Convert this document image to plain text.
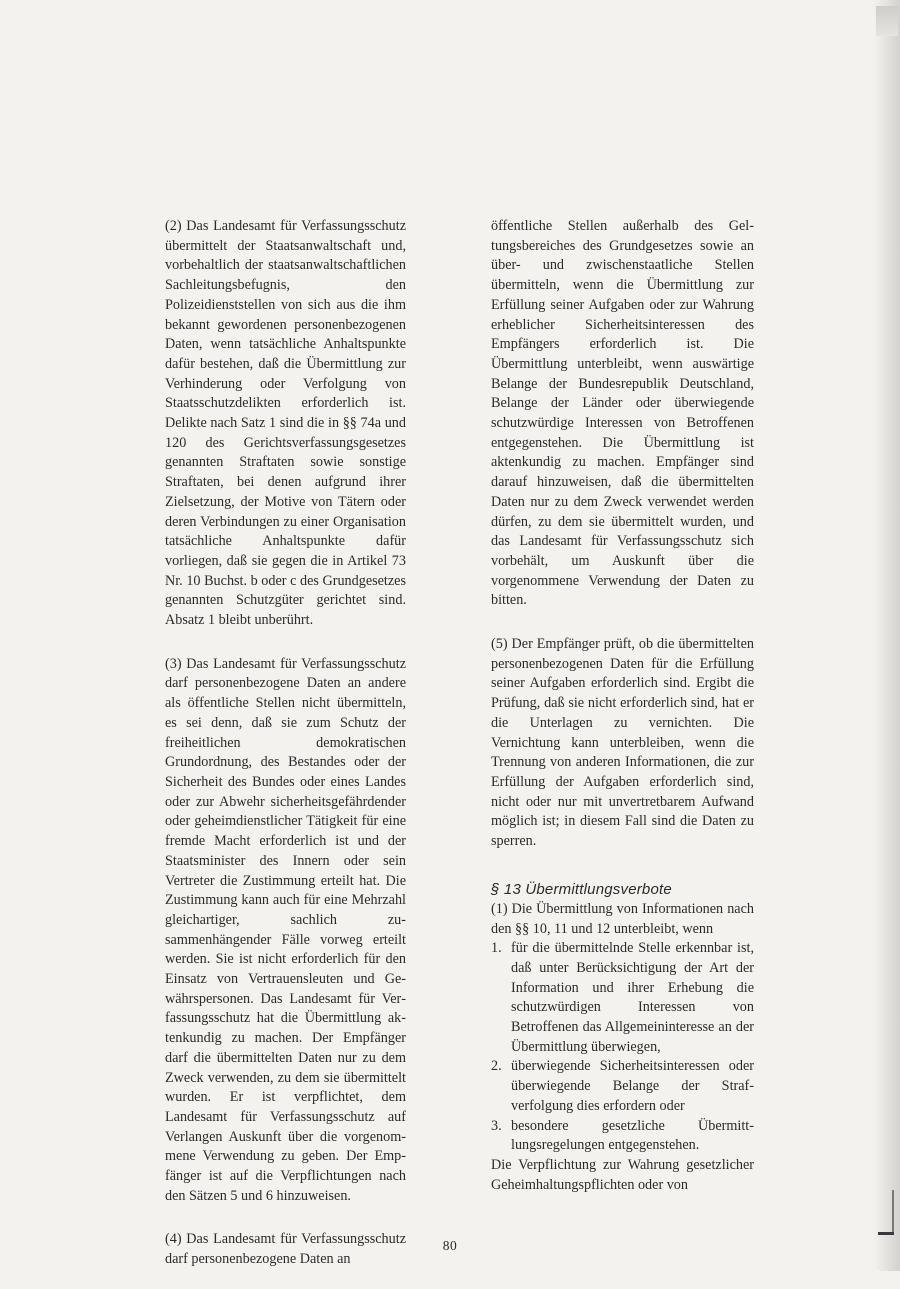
(2) Das Landesamt für Verfassungsschutz übermittelt der Staatsanwaltschaft und, vorbehaltlich der staatsanwaltschaftlichen Sachleitungsbefugnis, den Polizeidienststellen von sich aus die ihm bekannt gewordenen personenbezogenen Daten, wenn tatsächliche Anhaltspunkte dafür bestehen, daß die Übermittlung zur Verhinderung oder Verfolgung von Staatsschutzdelikten erforderlich ist. Delikte nach Satz 1 sind die in §§ 74a und 120 des Gerichtsverfassungsgesetzes genannten Straftaten sowie sonstige Straftaten, bei denen aufgrund ihrer Zielsetzung, der Motive von Tätern oder deren Verbindungen zu einer Organisation tatsächliche Anhaltspunkte dafür vorliegen, daß sie gegen die in Artikel 73 Nr. 10 Buchst. b oder c des Grundgesetzes genannten Schutzgüter gerichtet sind. Absatz 1 bleibt unberührt.

(3) Das Landesamt für Verfassungsschutz darf personenbezogene Daten an andere als öffentliche Stellen nicht übermitteln, es sei denn, daß sie zum Schutz der freiheitlichen demokratischen Grundordnung, des Bestandes oder der Sicherheit des Bundes oder eines Landes oder zur Abwehr sicherheitsgefährdender oder geheimdienstlicher Tätigkeit für eine fremde Macht erforderlich ist und der Staatsminister des Innern oder sein Vertreter die Zustimmung erteilt hat. Die Zustimmung kann auch für eine Mehrzahl gleichartiger, sachlich zusammenhängender Fälle vorweg erteilt werden. Sie ist nicht erforderlich für den Einsatz von Vertrauensleuten und Gewährspersonen. Das Landesamt für Verfassungsschutz hat die Übermittlung aktenkundig zu machen. Der Empfänger darf die übermittelten Daten nur zu dem Zweck verwenden, zu dem sie übermittelt wurden. Er ist verpflichtet, dem Landesamt für Verfassungsschutz auf Verlangen Auskunft über die vorgenommene Verwendung zu geben. Der Empfänger ist auf die Verpflichtungen nach den Sätzen 5 und 6 hinzuweisen.

(4) Das Landesamt für Verfassungsschutz darf personenbezogene Daten an

öffentliche Stellen außerhalb des Geltungsbereiches des Grundgesetzes sowie an über- und zwischenstaatliche Stellen übermitteln, wenn die Übermittlung zur Erfüllung seiner Aufgaben oder zur Wahrung erheblicher Sicherheitsinteressen des Empfängers erforderlich ist. Die Übermittlung unterbleibt, wenn auswärtige Belange der Bundesrepublik Deutschland, Belange der Länder oder überwiegende schutzwürdige Interessen von Betroffenen entgegenstehen. Die Übermittlung ist aktenkundig zu machen. Empfänger sind darauf hinzuweisen, daß die übermittelten Daten nur zu dem Zweck verwendet werden dürfen, zu dem sie übermittelt wurden, und das Landesamt für Verfassungsschutz sich vorbehält, um Auskunft über die vorgenommene Verwendung der Daten zu bitten.

(5) Der Empfänger prüft, ob die übermittelten personenbezogenen Daten für die Erfüllung seiner Aufgaben erforderlich sind. Ergibt die Prüfung, daß sie nicht erforderlich sind, hat er die Unterlagen zu vernichten. Die Vernichtung kann unterbleiben, wenn die Trennung von anderen Informationen, die zur Erfüllung der Aufgaben erforderlich sind, nicht oder nur mit unvertretbarem Aufwand möglich ist; in diesem Fall sind die Daten zu sperren.

§ 13 Übermittlungsverbote
(1) Die Übermittlung von Informationen nach den §§ 10, 11 und 12 unterbleibt, wenn
1. für die übermittelnde Stelle erkennbar ist, daß unter Berücksichtigung der Art der Information und ihrer Erhebung die schutzwürdigen Interessen von Betroffenen das Allgemeininteresse an der Übermittlung überwiegen,
2. überwiegende Sicherheitsinteressen oder überwiegende Belange der Strafverfolgung dies erfordern oder
3. besondere gesetzliche Übermittlungsregelungen entgegenstehen.
Die Verpflichtung zur Wahrung gesetzlicher Geheimhaltungspflichten oder von
80
